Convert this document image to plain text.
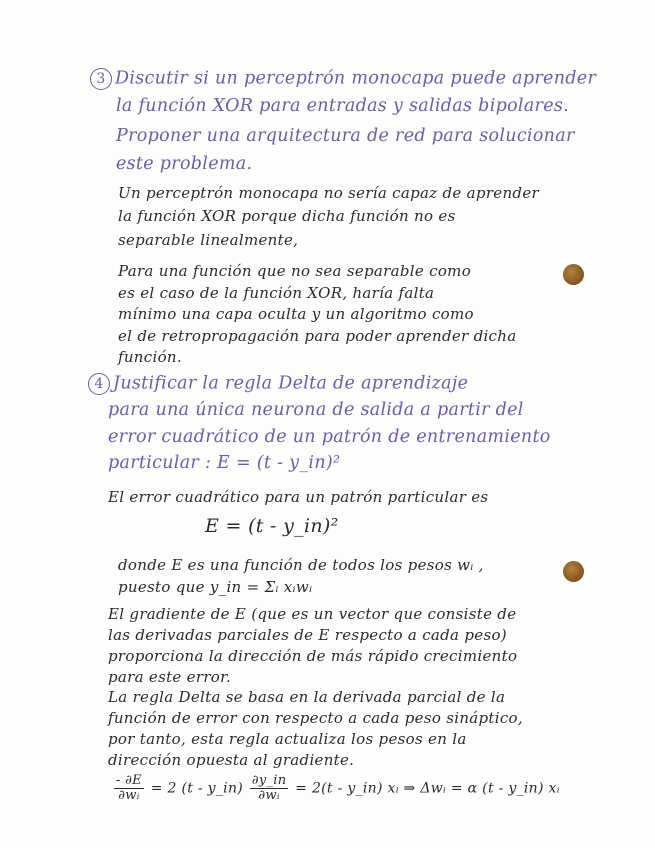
3 Discutir si un perceptrón monocapa puede aprender
la función XOR para entradas y salidas bipolares.
Proponer una arquitectura de red para solucionar
este problema.
Un perceptrón monocapa no sería capaz de aprender
la función XOR porque dicha función no es
separable linealmente,
Para una función que no sea separable como
es el caso de la función XOR, haría falta
mínimo una capa oculta y un algoritmo como
el de retropropagación para poder aprender dicha
función.
4 Justificar la regla Delta de aprendizaje
para una única neurona de salida a partir del
error cuadrático de un patrón de entrenamiento
particular : E = (t - y_in)²
El error cuadrático para un patrón particular es
E = (t - y_in)²
donde E es una función de todos los pesos wᵢ ,
puesto que y_in = Σᵢ xᵢwᵢ
El gradiente de E (que es un vector que consiste de
las derivadas parciales de E respecto a cada peso)
proporciona la dirección de más rápido crecimiento
para este error.
La regla Delta se basa en la derivada parcial de la
función de error con respecto a cada peso sináptico,
por tanto, esta regla actualiza los pesos en la
dirección opuesta al gradiente.
$\frac{- \partial E}{\text{∂wᵢ}} = 2$ (t - y_in) $\frac{\partial y\_in}{\text{∂wᵢ}} = 2(t$ - y_in) xᵢ ⇒ Δwᵢ = α (t - y_in) xᵢ
